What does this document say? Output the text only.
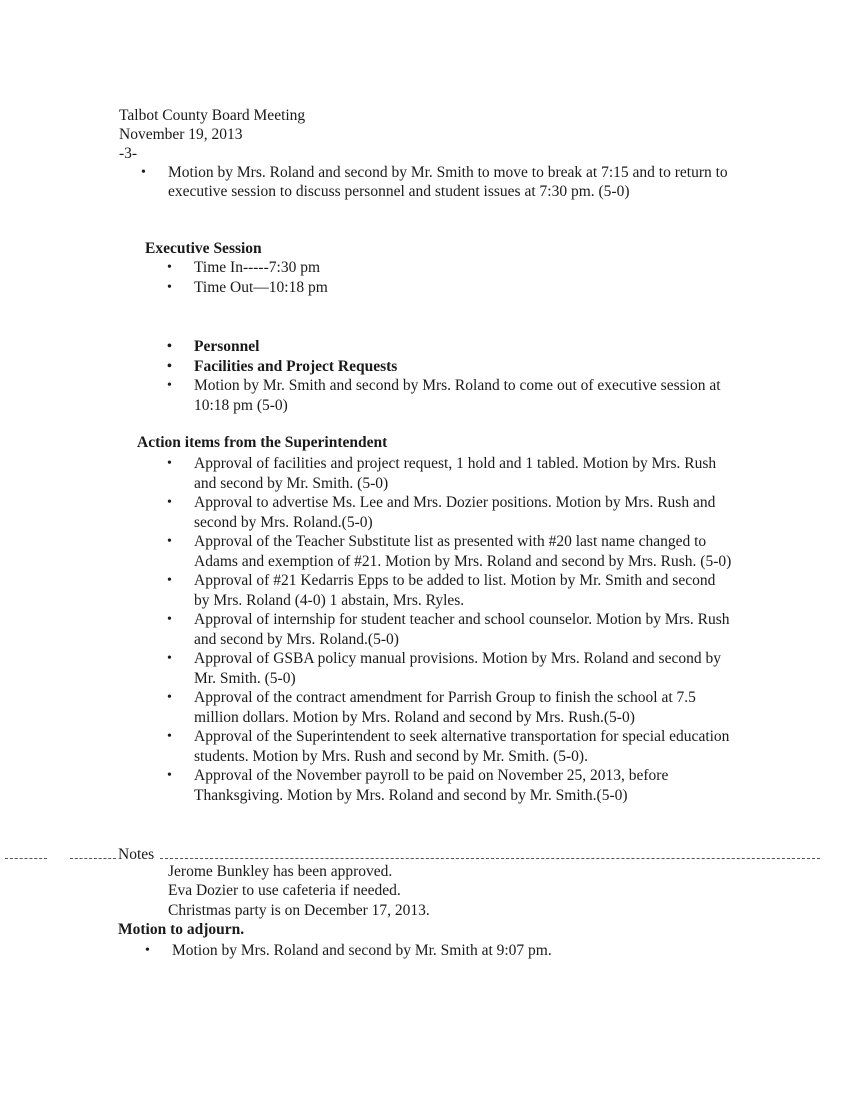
Talbot County Board Meeting
November 19, 2013
-3-
• Motion by Mrs. Roland and second by Mr. Smith to move to break at 7:15 and to return to executive session to discuss personnel and student issues at 7:30 pm. (5-0)
Executive Session
• Time In-----7:30 pm
• Time Out—10:18 pm
• Personnel
• Facilities and Project Requests
• Motion by Mr. Smith and second by Mrs. Roland to come out of executive session at 10:18 pm (5-0)
Action items from the Superintendent
• Approval of facilities and project request, 1 hold and 1 tabled. Motion by Mrs. Rush and second by Mr. Smith. (5-0)
• Approval to advertise Ms. Lee and Mrs. Dozier positions. Motion by Mrs. Rush and second by Mrs. Roland.(5-0)
• Approval of the Teacher Substitute list as presented with #20 last name changed to Adams and exemption of #21. Motion by Mrs. Roland and second by Mrs. Rush. (5-0)
• Approval of #21 Kedarris Epps to be added to list. Motion by Mr. Smith and second by Mrs. Roland (4-0) 1 abstain, Mrs. Ryles.
• Approval of internship for student teacher and school counselor. Motion by Mrs. Rush and second by Mrs. Roland.(5-0)
• Approval of GSBA policy manual provisions. Motion by Mrs. Roland and second by Mr. Smith. (5-0)
• Approval of the contract amendment for Parrish Group to finish the school at 7.5 million dollars. Motion by Mrs. Roland and second by Mrs. Rush.(5-0)
• Approval of the Superintendent to seek alternative transportation for special education students. Motion by Mrs. Rush and second by Mr. Smith. (5-0).
• Approval of the November payroll to be paid on November 25, 2013, before Thanksgiving. Motion by Mrs. Roland and second by Mr. Smith.(5-0)
Notes
Jerome Bunkley has been approved.
Eva Dozier to use cafeteria if needed.
Christmas party is on December 17, 2013.
Motion to adjourn.
• Motion by Mrs. Roland and second by Mr. Smith at 9:07 pm.
